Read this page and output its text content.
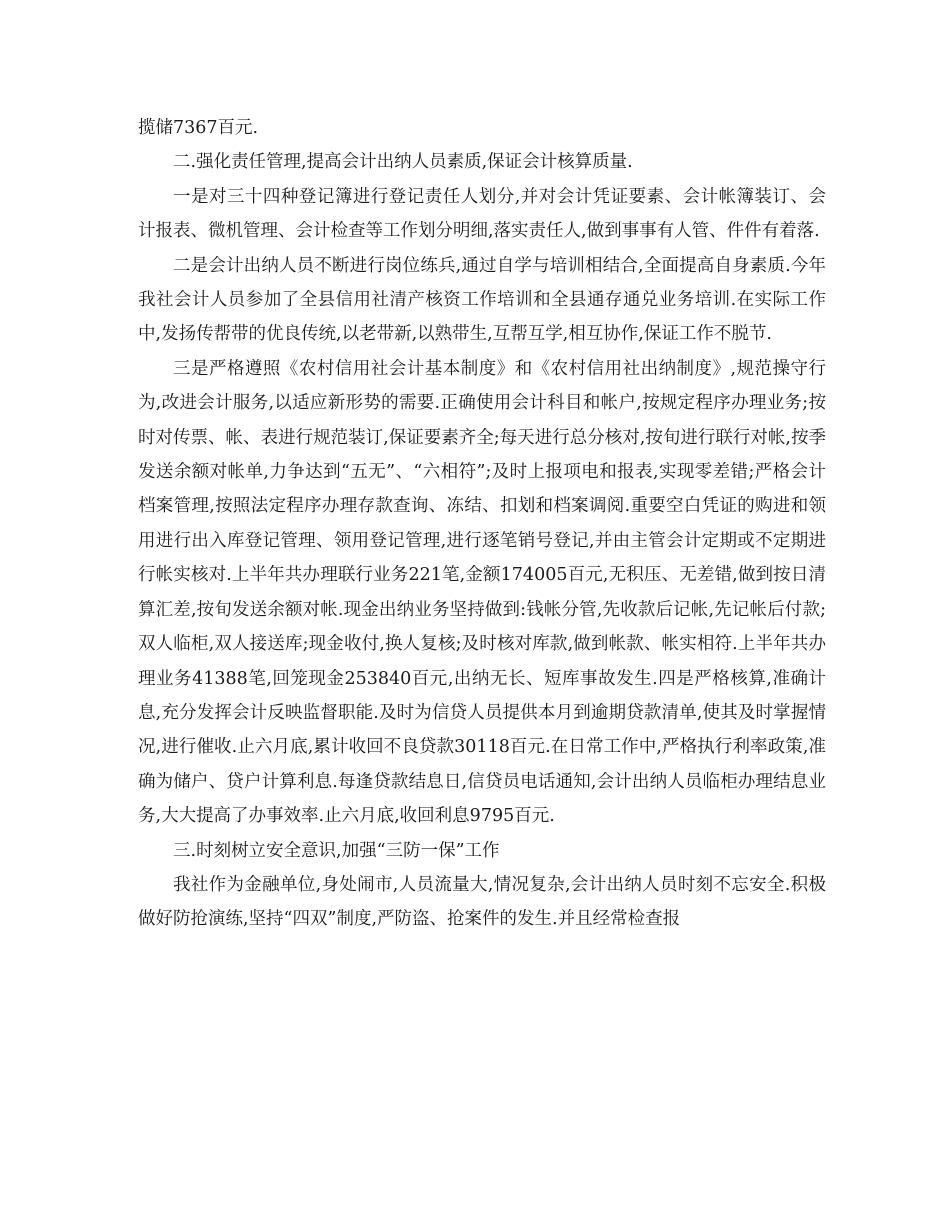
揽储7367百元.

二.强化责任管理,提高会计出纳人员素质,保证会计核算质量.

一是对三十四种登记簿进行登记责任人划分,并对会计凭证要素、会计帐簿装订、会计报表、微机管理、会计检查等工作划分明细,落实责任人,做到事事有人管、件件有着落.

二是会计出纳人员不断进行岗位练兵,通过自学与培训相结合,全面提高自身素质.今年我社会计人员参加了全县信用社清产核资工作培训和全县通存通兑业务培训.在实际工作中,发扬传帮带的优良传统,以老带新,以熟带生,互帮互学,相互协作,保证工作不脱节.

三是严格遵照《农村信用社会计基本制度》和《农村信用社出纳制度》,规范操守行为,改进会计服务,以适应新形势的需要.正确使用会计科目和帐户,按规定程序办理业务;按时对传票、帐、表进行规范装订,保证要素齐全;每天进行总分核对,按旬进行联行对帐,按季发送余额对帐单,力争达到“五无”、“六相符”;及时上报项电和报表,实现零差错;严格会计档案管理,按照法定程序办理存款查询、冻结、扣划和档案调阅.重要空白凭证的购进和领用进行出入库登记管理、领用登记管理,进行逐笔销号登记,并由主管会计定期或不定期进行帐实核对.上半年共办理联行业务221笔,金额174005百元,无积压、无差错,做到按日清算汇差,按旬发送余额对帐.现金出纳业务坚持做到:钱帐分管,先收款后记帐,先记帐后付款;双人临柜,双人接送库;现金收付,换人复核;及时核对库款,做到帐款、帐实相符.上半年共办理业务41388笔,回笼现金253840百元,出纳无长、短库事故发生.四是严格核算,准确计息,充分发挥会计反映监督职能.及时为信贷人员提供本月到逾期贷款清单,使其及时掌握情况,进行催收.止六月底,累计收回不良贷款30118百元.在日常工作中,严格执行利率政策,准确为储户、贷户计算利息.每逢贷款结息日,信贷员电话通知,会计出纳人员临柜办理结息业务,大大提高了办事效率.止六月底,收回利息9795百元.

三.时刻树立安全意识,加强“三防一保”工作

我社作为金融单位,身处闹市,人员流量大,情况复杂,会计出纳人员时刻不忘安全.积极做好防抢演练,坚持“四双”制度,严防盗、抢案件的发生.并且经常检查报
